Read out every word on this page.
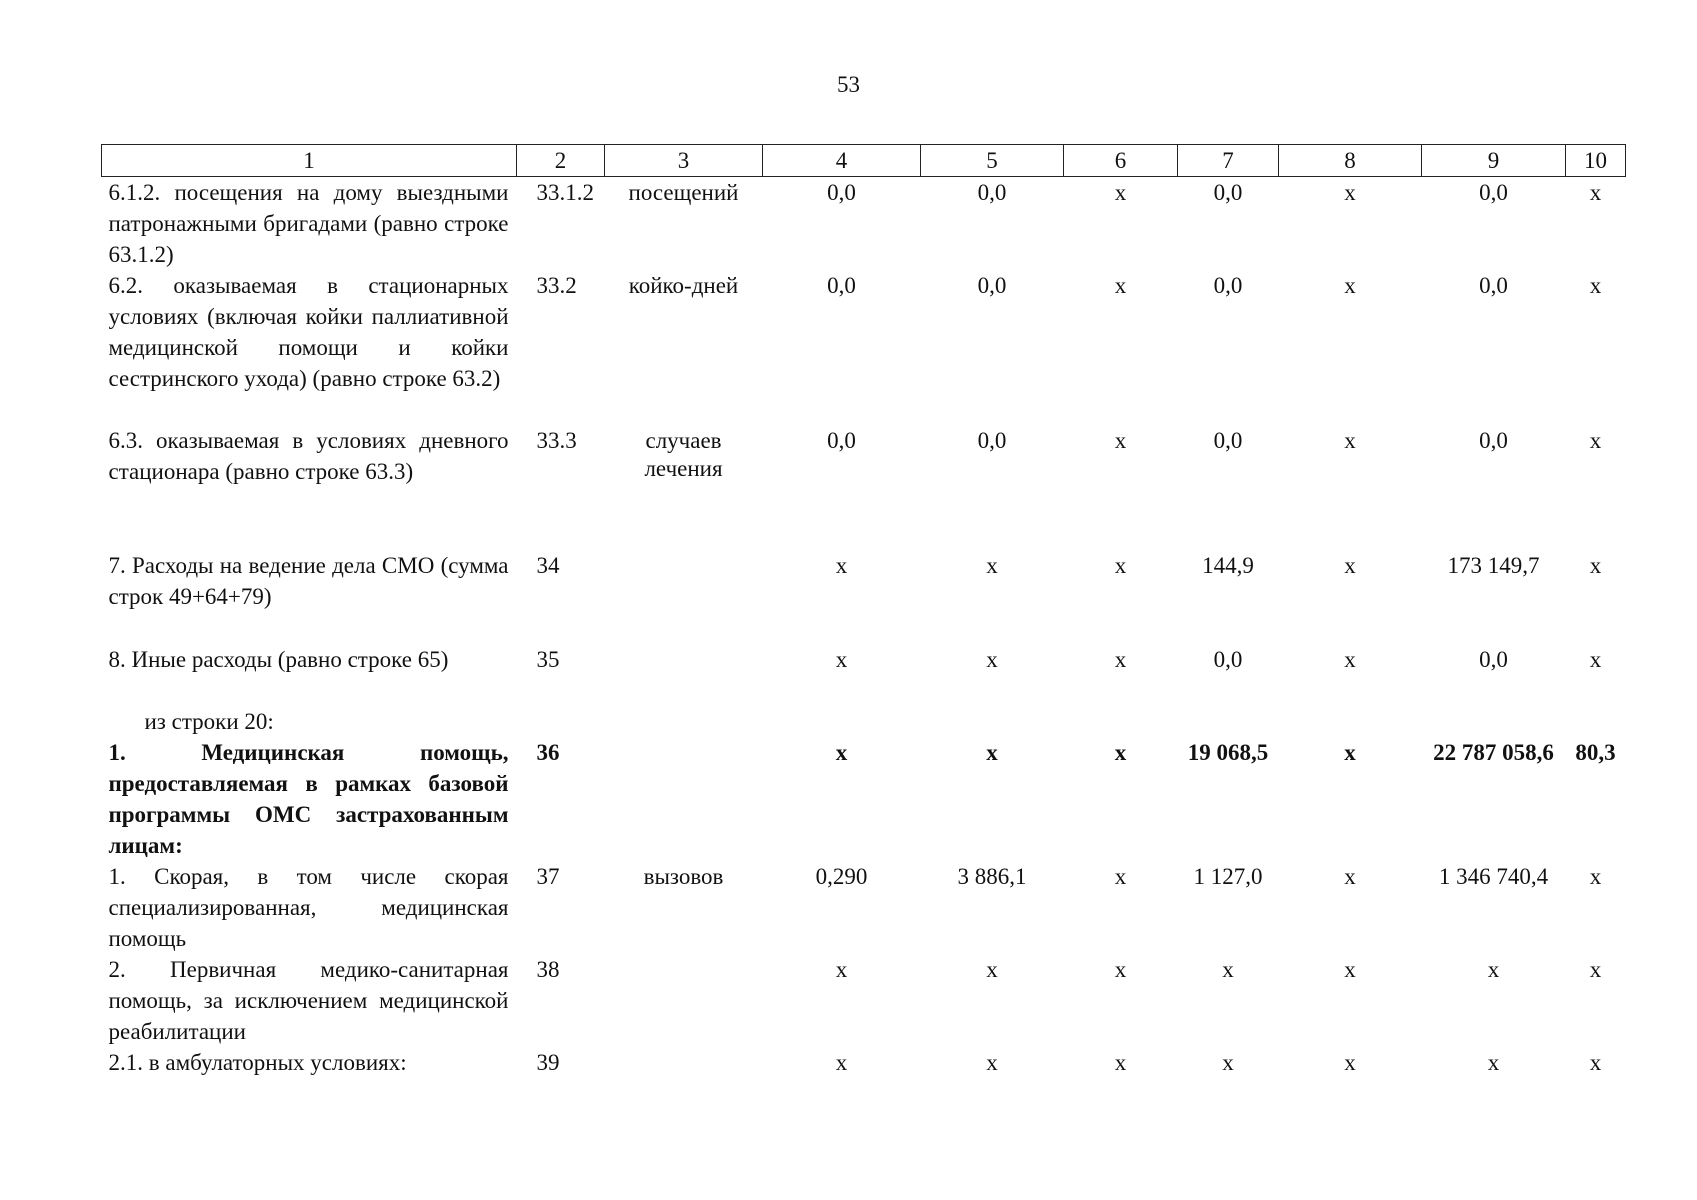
53
1	2	3	4	5	6	7	8	9	10
6.1.2. посещения на дому выездными патронажными бригадами (равно строке 63.1.2)	33.1.2	посещений	0,0	0,0	х	0,0	х	0,0	х
6.2. оказываемая в стационарных условиях (включая койки паллиативной медицинской помощи и койки сестринского ухода) (равно строке 63.2)	33.2	койко-дней	0,0	0,0	х	0,0	х	0,0	х
6.3. оказываемая в условиях дневного стационара (равно строке 63.3)	33.3	случаев лечения	0,0	0,0	х	0,0	х	0,0	х
7. Расходы на ведение дела СМО (сумма строк 49+64+79)	34		х	х	х	144,9	х	173 149,7	х
8. Иные расходы (равно строке 65)	35		х	х	х	0,0	х	0,0	х
из строки 20:									
1. Медицинская помощь, предоставляемая в рамках базовой программы ОМС застрахованным лицам:	36		х	х	х	19 068,5	х	22 787 058,6	80,3
1. Скорая, в том числе скорая специализированная, медицинская помощь	37	вызовов	0,290	3 886,1	х	1 127,0	х	1 346 740,4	х
2. Первичная медико-санитарная помощь, за исключением медицинской реабилитации	38		х	х	х	х	х	х	х
2.1. в амбулаторных условиях:	39		х	х	х	х	х	х	х
